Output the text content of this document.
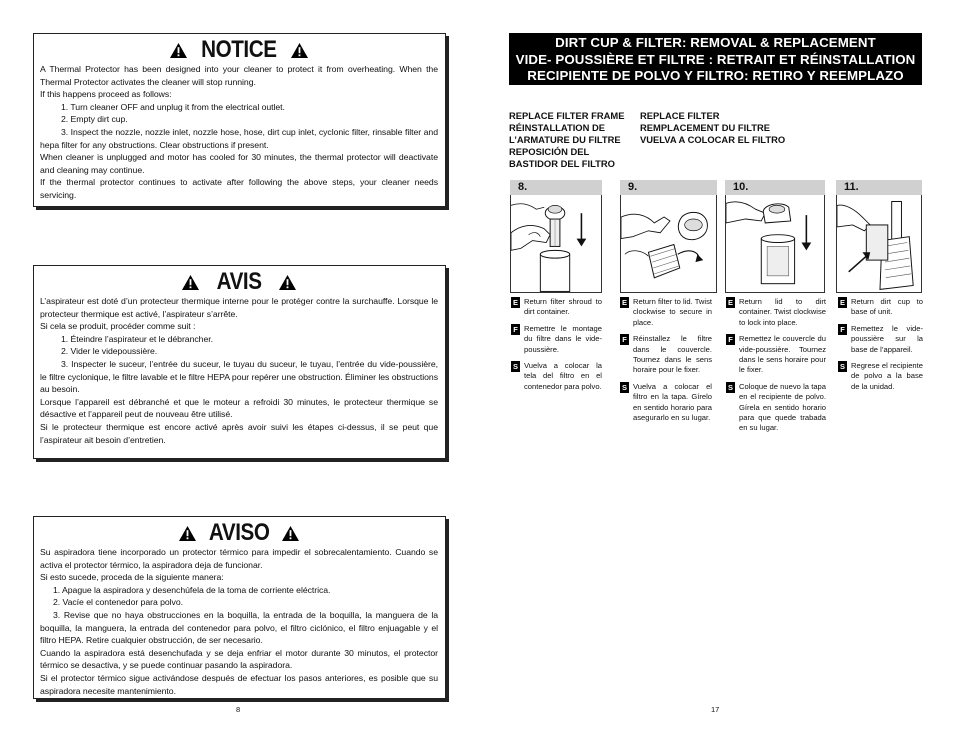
NOTICE

A Thermal Protector has been designed into your cleaner to protect it from overheating. When the Thermal Protector activates the cleaner will stop running.

If this happens proceed as follows:

1. Turn cleaner OFF and unplug it from the electrical outlet.

2. Empty dirt cup.

3. Inspect the nozzle, nozzle inlet, nozzle hose, hose, dirt cup inlet, cyclonic filter, rinsable filter and hepa filter for any obstructions. Clear obstructions if present.

When cleaner is unplugged and motor has cooled for 30 minutes, the thermal protector will deactivate and cleaning may continue.

If the thermal protector continues to activate after following the above steps, your cleaner needs servicing.

AVIS

L’aspirateur est doté d’un protecteur thermique interne pour le protéger contre la surchauffe. Lorsque le protecteur thermique est activé, l’aspirateur s’arrête.

Si cela se produit, procéder comme suit :

1. Éteindre l’aspirateur et le débrancher.

2. Vider le videpoussière.

3. Inspecter le suceur, l’entrée du suceur, le tuyau du suceur, le tuyau, l’entrée du vide-poussière, le filtre cyclonique, le filtre lavable et le filtre HEPA pour repérer une obstruction. Éliminer les obstructions au besoin.

Lorsque l’appareil est débranché et que le moteur a refroidi 30 minutes, le protecteur thermique se désactive et l’appareil peut de nouveau être utilisé.

Si le protecteur thermique est encore activé après avoir suivi les étapes ci-dessus, il se peut que l’aspirateur ait besoin d’entretien.

AVISO

Su aspiradora tiene incorporado un protector térmico para impedir el sobrecalentamiento. Cuando se activa el protector térmico, la aspiradora deja de funcionar.

Si esto sucede, proceda de la siguiente manera:

1. Apague la aspiradora y desenchúfela de la toma de corriente eléctrica.

2. Vacíe el contenedor para polvo.

3. Revise que no haya obstrucciones en la boquilla, la entrada de la boquilla, la manguera de la boquilla, la manguera, la entrada del contenedor para polvo, el filtro ciclónico, el filtro enjuagable y el filtro HEPA. Retire cualquier obstrucción, de ser necesario.

Cuando la aspiradora está desenchufada y se deja enfriar el motor durante 30 minutos, el protector térmico se desactiva, y se puede continuar pasando la aspiradora.

Si el protector térmico sigue activándose después de efectuar los pasos anteriores, es posible que su aspiradora necesite mantenimiento.

8
DIRT CUP & FILTER: REMOVAL & REPLACEMENT
VIDE- POUSSIÈRE ET FILTRE : RETRAIT ET RÉINSTALLATION
RECIPIENTE DE POLVO Y FILTRO: RETIRO Y REEMPLAZO
REPLACE FILTER FRAME
RÉINSTALLATION DE
L’ARMATURE DU FILTRE
REPOSICIÓN DEL
BASTIDOR DEL FILTRO
REPLACE FILTER
REMPLACEMENT DU FILTRE
VUELVA A COLOCAR EL FILTRO
8.	9.	10.	11.
E Return filter shroud to dirt container.
F Remettre le montage du filtre dans le vide-poussière.
S Vuelva a colocar la tela del filtro en el contenedor para polvo.
E Return filter to lid. Twist clockwise to secure in place.
F Réinstallez le filtre dans le couvercle. Tournez dans le sens horaire pour le fixer.
S Vuelva a colocar el filtro en la tapa. Gírelo en sentido horario para asegurarlo en su lugar.
E Return lid to dirt container. Twist clockwise to lock into place.
F Remettez le couvercle du vide-poussière. Tournez dans le sens horaire pour le fixer.
S Coloque de nuevo la tapa en el recipiente de polvo. Gírela en sentido horario para que quede trabada en su lugar.
E Return dirt cup to base of unit.
F Remettez le vide-poussière sur la base de l’appareil.
S Regrese el recipiente de polvo a la base de la unidad.
17
